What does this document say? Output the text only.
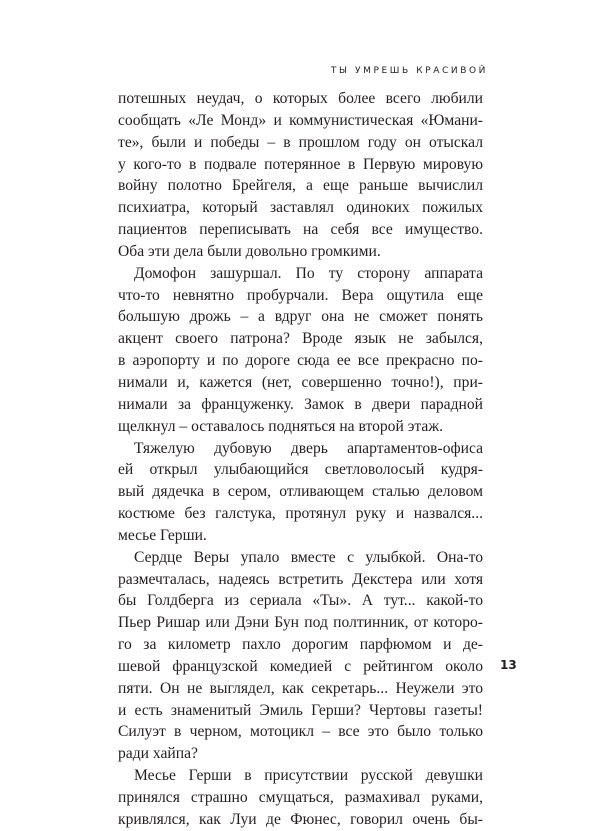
ТЫ УМРЕШЬ КРАСИВОЙ
потешных неудач, о которых более всего любили
сообщать «Ле Монд» и коммунистическая «Юмани-
те», были и победы – в прошлом году он отыскал
у кого-то в подвале потерянное в Первую мировую
войну полотно Брейгеля, а еще раньше вычислил
психиатра, который заставлял одиноких пожилых
пациентов переписывать на себя все имущество.
Оба эти дела были довольно громкими.
Домофон зашуршал. По ту сторону аппарата
что-то невнятно пробурчали. Вера ощутила еще
большую дрожь – а вдруг она не сможет понять
акцент своего патрона? Вроде язык не забылся,
в аэропорту и по дороге сюда ее все прекрасно по-
нимали и, кажется (нет, совершенно точно!), при-
нимали за француженку. Замок в двери парадной
щелкнул – оставалось подняться на второй этаж.
Тяжелую дубовую дверь апартаментов-офиса
ей открыл улыбающийся светловолосый кудря-
вый дядечка в сером, отливающем сталью деловом
костюме без галстука, протянул руку и назвался...
месье Герши.
Сердце Веры упало вместе с улыбкой. Она-то
размечталась, надеясь встретить Декстера или хотя
бы Голдберга из сериала «Ты». А тут... какой-то
Пьер Ришар или Дэни Бун под полтинник, от которо-
го за километр пахло дорогим парфюмом и де-
шевой французской комедией с рейтингом около
пяти. Он не выглядел, как секретарь... Неужели это
и есть знаменитый Эмиль Герши? Чертовы газеты!
Силуэт в черном, мотоцикл – все это было только
ради хайпа?
Месье Герши в присутствии русской девушки
принялся страшно смущаться, размахивал руками,
кривлялся, как Луи де Фюнес, говорил очень бы-
13
